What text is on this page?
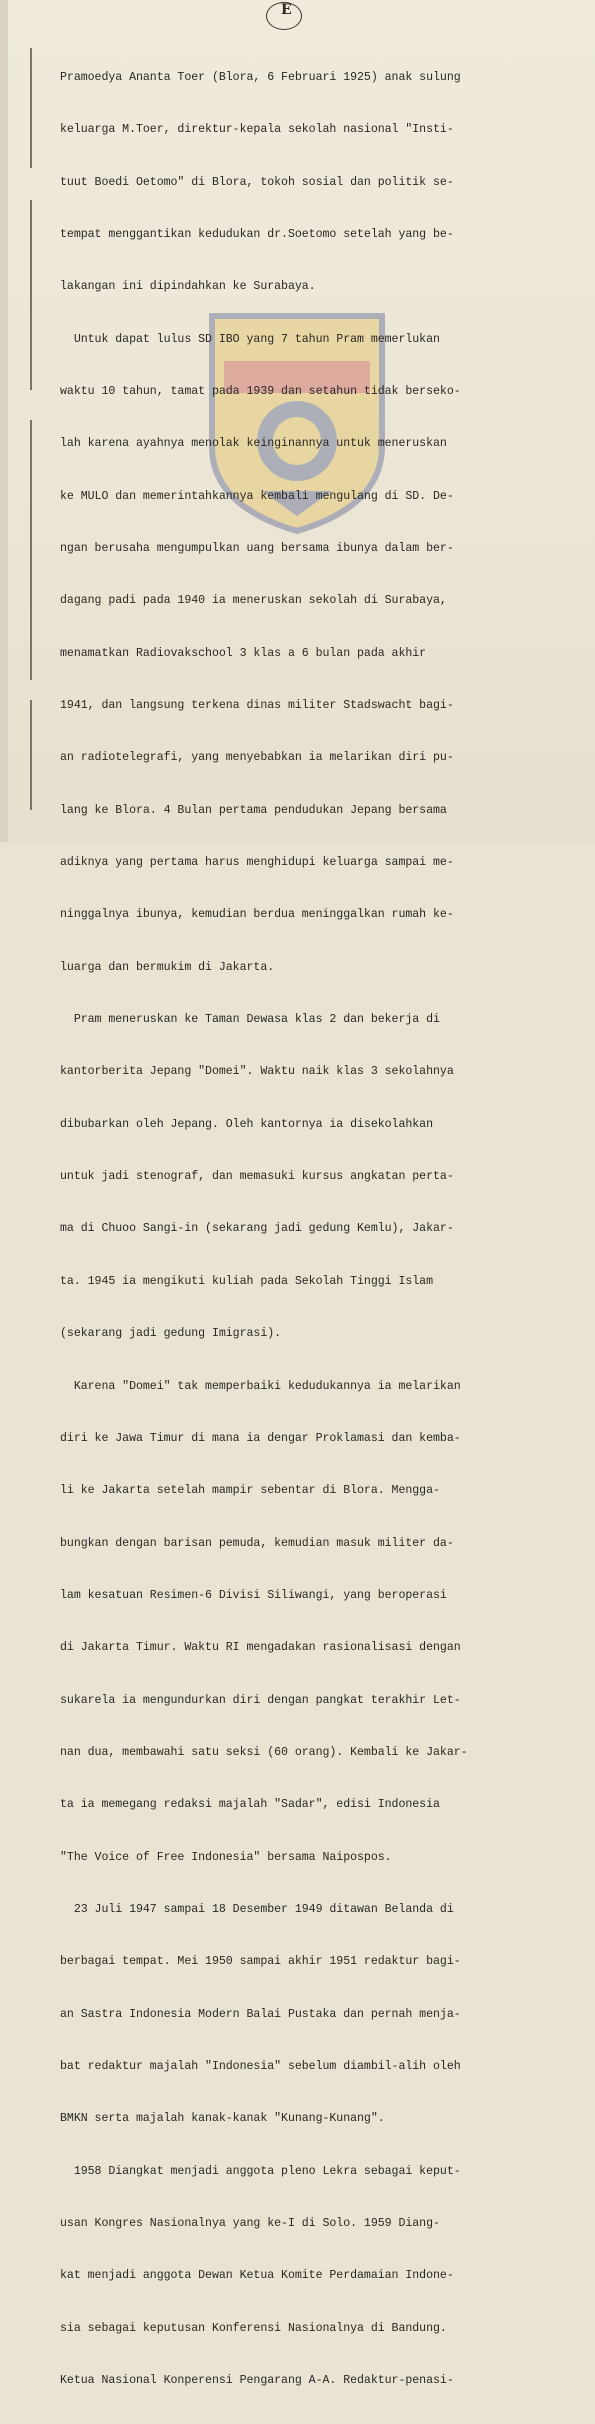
E

Pramoedya Ananta Toer (Blora, 6 Februari 1925) anak sulung

keluarga M.Toer, direktur-kepala sekolah nasional "Insti-

tuut Boedi Oetomo" di Blora, tokoh sosial dan politik se-

tempat menggantikan kedudukan dr.Soetomo setelah yang be-

lakangan ini dipindahkan ke Surabaya.

Untuk dapat lulus SD IBO yang 7 tahun Pram memerlukan

waktu 10 tahun, tamat pada 1939 dan setahun tidak berseko-

lah karena ayahnya menolak keinginannya untuk meneruskan

ke MULO dan memerintahkannya kembali mengulang di SD. De-

ngan berusaha mengumpulkan uang bersama ibunya dalam ber-

dagang padi pada 1940 ia meneruskan sekolah di Surabaya,

menamatkan Radiovakschool 3 klas a 6 bulan pada akhir

1941, dan langsung terkena dinas militer Stadswacht bagi-

an radiotelegrafi, yang menyebabkan ia melarikan diri pu-

lang ke Blora. 4 Bulan pertama pendudukan Jepang bersama

adiknya yang pertama harus menghidupi keluarga sampai me-

ninggalnya ibunya, kemudian berdua meninggalkan rumah ke-

luarga dan bermukim di Jakarta.

Pram meneruskan ke Taman Dewasa klas 2 dan bekerja di

kantorberita Jepang "Domei". Waktu naik klas 3 sekolahnya

dibubarkan oleh Jepang. Oleh kantornya ia disekolahkan

untuk jadi stenograf, dan memasuki kursus angkatan perta-

ma di Chuoo Sangi-in (sekarang jadi gedung Kemlu), Jakar-

ta. 1945 ia mengikuti kuliah pada Sekolah Tinggi Islam

(sekarang jadi gedung Imigrasi).

Karena "Domei" tak memperbaiki kedudukannya ia melarikan

diri ke Jawa Timur di mana ia dengar Proklamasi dan kemba-

li ke Jakarta setelah mampir sebentar di Blora. Mengga-

bungkan dengan barisan pemuda, kemudian masuk militer da-

lam kesatuan Resimen-6 Divisi Siliwangi, yang beroperasi

di Jakarta Timur. Waktu RI mengadakan rasionalisasi dengan

sukarela ia mengundurkan diri dengan pangkat terakhir Let-

nan dua, membawahi satu seksi (60 orang). Kembali ke Jakar-

ta ia memegang redaksi majalah "Sadar", edisi Indonesia

"The Voice of Free Indonesia" bersama Naipospos.

23 Juli 1947 sampai 18 Desember 1949 ditawan Belanda di

berbagai tempat. Mei 1950 sampai akhir 1951 redaktur bagi-

an Sastra Indonesia Modern Balai Pustaka dan pernah menja-

bat redaktur majalah "Indonesia" sebelum diambil-alih oleh

BMKN serta majalah kanak-kanak "Kunang-Kunang".

1958 Diangkat menjadi anggota pleno Lekra sebagai keput-

usan Kongres Nasionalnya yang ke-I di Solo. 1959 Diang-

kat menjadi anggota Dewan Ketua Komite Perdamaian Indone-

sia sebagai keputusan Konferensi Nasionalnya di Bandung.

Ketua Nasional Konperensi Pengarang A-A. Redaktur-penasi-
